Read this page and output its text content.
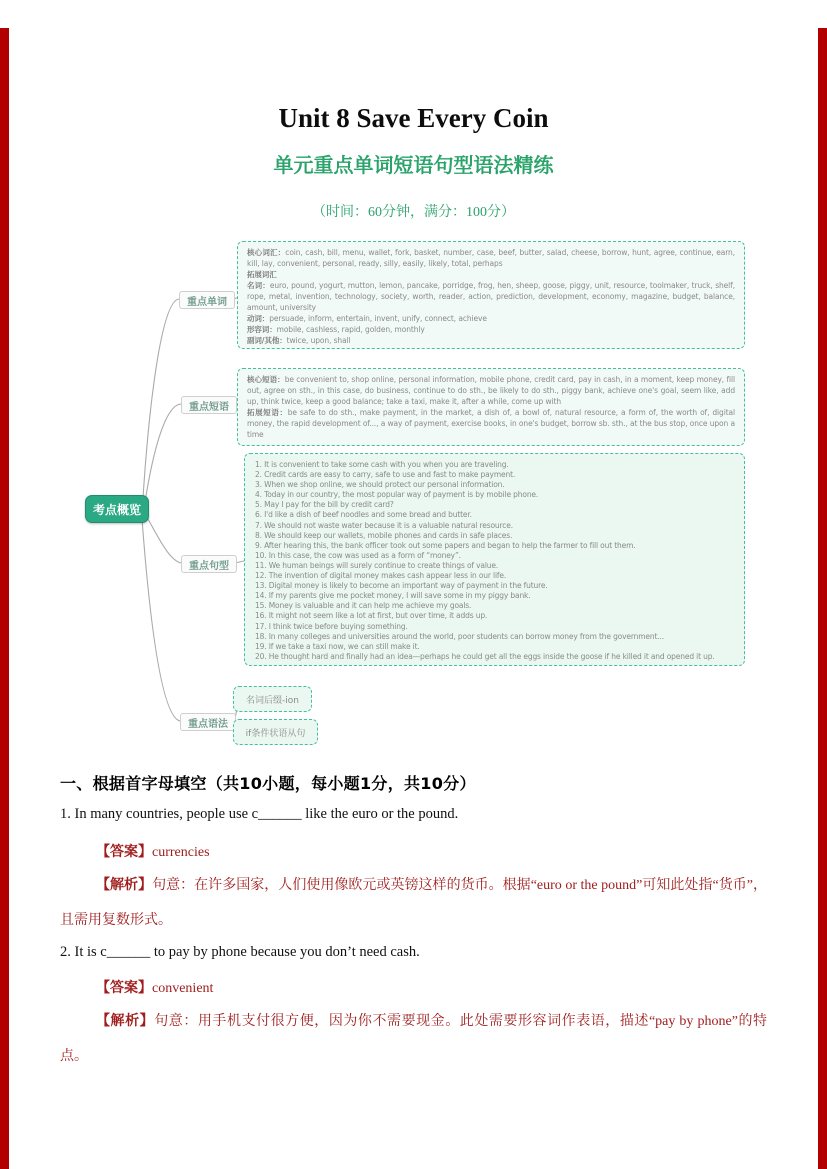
Unit 8 Save Every Coin
单元重点单词短语句型语法精练
（时间：60分钟，满分：100分）
考点概览
重点单词
重点短语
重点句型
重点语法
核心词汇：coin, cash, bill, menu, wallet, fork, basket, number, case, beef, butter, salad, cheese, borrow, hunt, agree, continue, earn, kill, lay, convenient, personal, ready, silly, easily, likely, total, perhaps
拓展词汇
名词：euro, pound, yogurt, mutton, lemon, pancake, porridge, frog, hen, sheep, goose, piggy, unit, resource, toolmaker, truck, shelf, rope, metal, invention, technology, society, worth, reader, action, prediction, development, economy, magazine, budget, balance, amount, university
动词：persuade, inform, entertain, invent, unify, connect, achieve
形容词：mobile, cashless, rapid, golden, monthly
副词/其他：twice, upon, shall
核心短语：be convenient to, shop online, personal information, mobile phone, credit card, pay in cash, in a moment, keep money, fill out, agree on sth., in this case, do business, continue to do sth., be likely to do sth., piggy bank, achieve one's goal, seem like, add up, think twice, keep a good balance; take a taxi, make it, after a while, come up with
拓展短语：be safe to do sth., make payment, in the market, a dish of, a bowl of, natural resource, a form of, the worth of, digital money, the rapid development of..., a way of payment, exercise books, in one's budget, borrow sb. sth., at the bus stop, once upon a time
1. It is convenient to take some cash with you when you are traveling.
2. Credit cards are easy to carry, safe to use and fast to make payment.
3. When we shop online, we should protect our personal information.
4. Today in our country, the most popular way of payment is by mobile phone.
5. May I pay for the bill by credit card?
6. I'd like a dish of beef noodles and some bread and butter.
7. We should not waste water because it is a valuable natural resource.
8. We should keep our wallets, mobile phones and cards in safe places.
9. After hearing this, the bank officer took out some papers and began to help the farmer to fill out them.
10. In this case, the cow was used as a form of “money”.
11. We human beings will surely continue to create things of value.
12. The invention of digital money makes cash appear less in our life.
13. Digital money is likely to become an important way of payment in the future.
14. If my parents give me pocket money, I will save some in my piggy bank.
15. Money is valuable and it can help me achieve my goals.
16. It might not seem like a lot at first, but over time, it adds up.
17. I think twice before buying something.
18. In many colleges and universities around the world, poor students can borrow money from the government...
19. If we take a taxi now, we can still make it.
20. He thought hard and finally had an idea—perhaps he could get all the eggs inside the goose if he killed it and opened it up.
名词后缀-ion
if条件状语从句
一、根据首字母填空（共10小题，每小题1分，共10分）
1. In many countries, people use c______ like the euro or the pound.
【答案】currencies
【解析】句意：在许多国家，人们使用像欧元或英镑这样的货币。根据“euro or the pound”可知此处指“货币”，且需用复数形式。
2. It is c______ to pay by phone because you don’t need cash.
【答案】convenient
【解析】句意：用手机支付很方便，因为你不需要现金。此处需要形容词作表语，描述“pay by phone”的特点。
